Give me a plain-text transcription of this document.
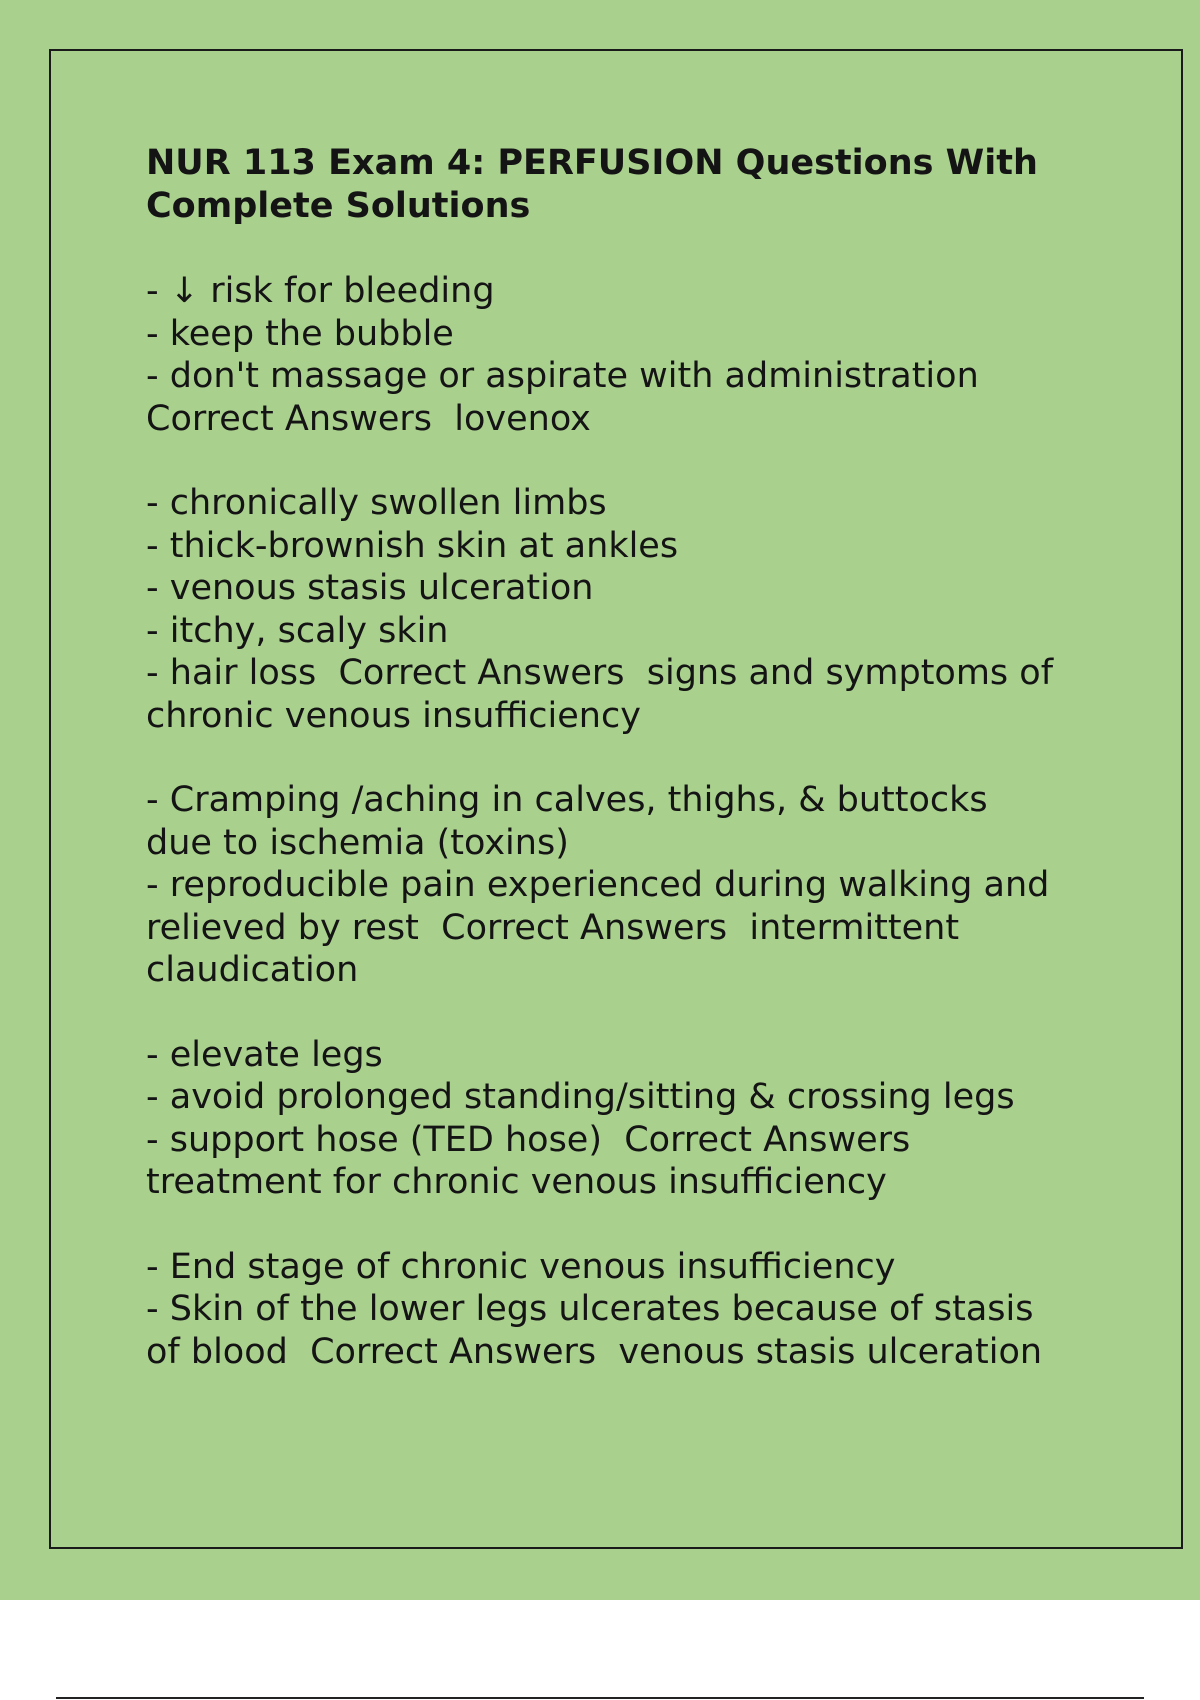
NUR 113 Exam 4: PERFUSION Questions With Complete Solutions
- ↓ risk for bleeding
- keep the bubble
- don't massage or aspirate with administration
Correct Answers  lovenox
- chronically swollen limbs
- thick-brownish skin at ankles
- venous stasis ulceration
- itchy, scaly skin
- hair loss  Correct Answers  signs and symptoms of
chronic venous insufficiency
- Cramping /aching in calves, thighs, & buttocks
due to ischemia (toxins)
- reproducible pain experienced during walking and
relieved by rest  Correct Answers  intermittent
claudication
- elevate legs
- avoid prolonged standing/sitting & crossing legs
- support hose (TED hose)  Correct Answers
treatment for chronic venous insufficiency
- End stage of chronic venous insufficiency
- Skin of the lower legs ulcerates because of stasis
of blood  Correct Answers  venous stasis ulceration
